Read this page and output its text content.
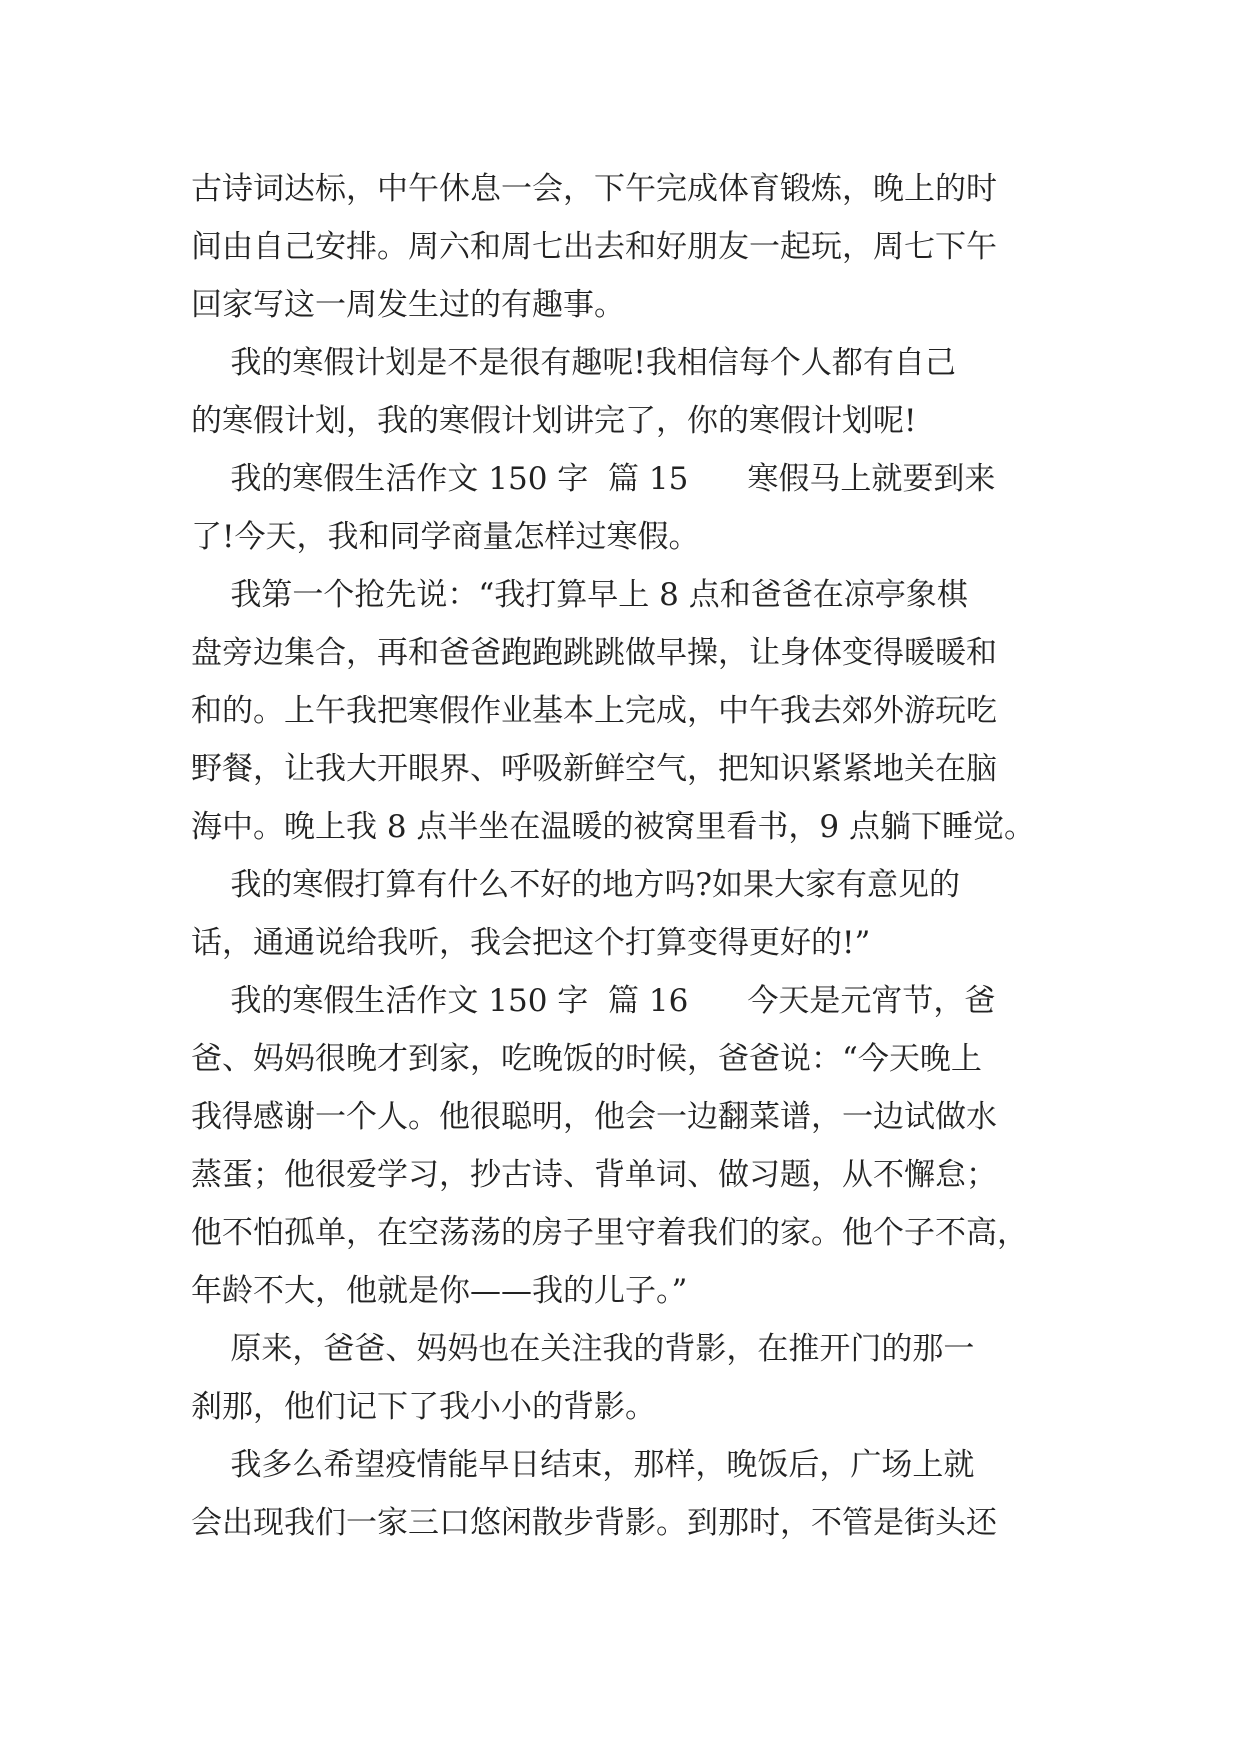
古诗词达标，中午休息一会，下午完成体育锻炼，晚上的时
间由自己安排。周六和周七出去和好朋友一起玩，周七下午
回家写这一周发生过的有趣事。
我的寒假计划是不是很有趣呢!我相信每个人都有自己
的寒假计划，我的寒假计划讲完了，你的寒假计划呢!
我的寒假生活作文 150 字  篇 15      寒假马上就要到来
了!今天，我和同学商量怎样过寒假。
我第一个抢先说：“我打算早上 8 点和爸爸在凉亭象棋
盘旁边集合，再和爸爸跑跑跳跳做早操，让身体变得暖暖和
和的。上午我把寒假作业基本上完成，中午我去郊外游玩吃
野餐，让我大开眼界、呼吸新鲜空气，把知识紧紧地关在脑
海中。晚上我 8 点半坐在温暖的被窝里看书，9 点躺下睡觉。
我的寒假打算有什么不好的地方吗?如果大家有意见的
话，通通说给我听，我会把这个打算变得更好的!”
我的寒假生活作文 150 字  篇 16      今天是元宵节，爸
爸、妈妈很晚才到家，吃晚饭的时候，爸爸说：“今天晚上
我得感谢一个人。他很聪明，他会一边翻菜谱，一边试做水
蒸蛋；他很爱学习，抄古诗、背单词、做习题，从不懈怠；
他不怕孤单，在空荡荡的房子里守着我们的家。他个子不高，
年龄不大，他就是你——我的儿子。”
原来，爸爸、妈妈也在关注我的背影，在推开门的那一
刹那，他们记下了我小小的背影。
我多么希望疫情能早日结束，那样，晚饭后，广场上就
会出现我们一家三口悠闲散步背影。到那时，不管是街头还
